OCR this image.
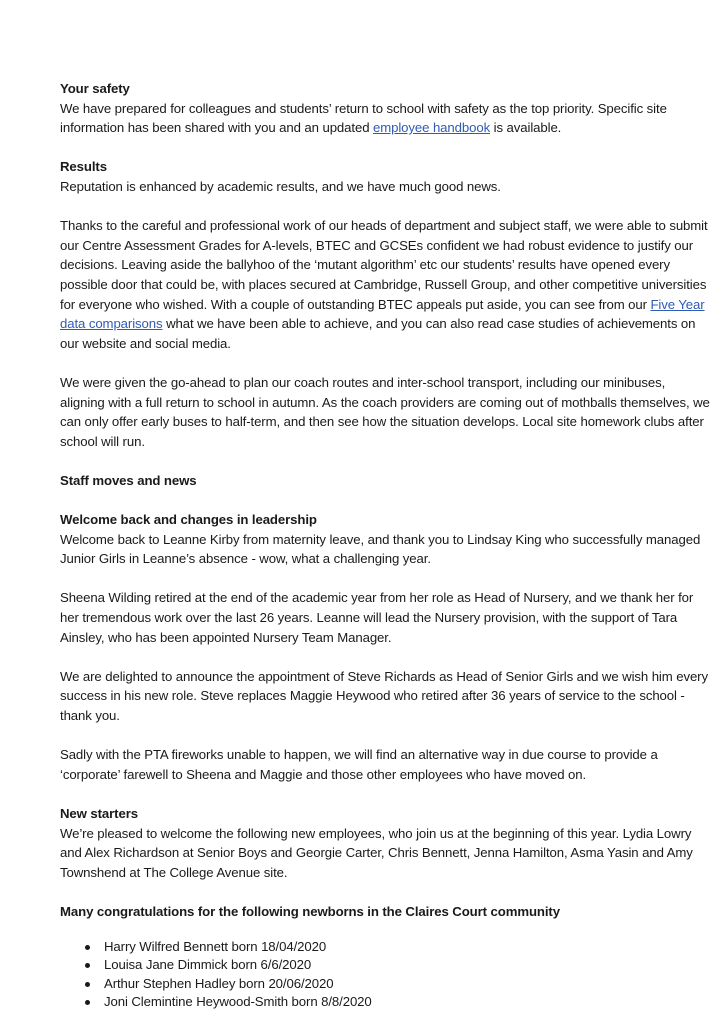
Your safety

We have prepared for colleagues and students’ return to school with safety as the top priority. Specific site information has been shared with you and an updated employee handbook is available.

Results

Reputation is enhanced by academic results, and we have much good news.

Thanks to the careful and professional work of our heads of department and subject staff, we were able to submit our Centre Assessment Grades for A-levels, BTEC and GCSEs confident we had robust evidence to justify our decisions. Leaving aside the ballyhoo of the ‘mutant algorithm’ etc our students’ results have opened every possible door that could be, with places secured at Cambridge, Russell Group, and other competitive universities for everyone who wished. With a couple of outstanding BTEC appeals put aside, you can see from our Five Year data comparisons what we have been able to achieve, and you can also read case studies of achievements on our website and social media.

We were given the go-ahead to plan our coach routes and inter-school transport, including our minibuses, aligning with a full return to school in autumn. As the coach providers are coming out of mothballs themselves, we can only offer early buses to half-term, and then see how the situation develops. Local site homework clubs after school will run.

Staff moves and news

Welcome back and changes in leadership

Welcome back to Leanne Kirby from maternity leave, and thank you to Lindsay King who successfully managed Junior Girls in Leanne’s absence - wow, what a challenging year.

Sheena Wilding retired at the end of the academic year from her role as Head of Nursery, and we thank her for her tremendous work over the last 26 years. Leanne will lead the Nursery provision, with the support of Tara Ainsley, who has been appointed Nursery Team Manager.

We are delighted to announce the appointment of Steve Richards as Head of Senior Girls and we wish him every success in his new role. Steve replaces Maggie Heywood who retired after 36 years of service to the school - thank you.

Sadly with the PTA fireworks unable to happen, we will find an alternative way in due course to provide a ‘corporate’ farewell to Sheena and Maggie and those other employees who have moved on.

New starters

We’re pleased to welcome the following new employees, who join us at the beginning of this year. Lydia Lowry and Alex Richardson at Senior Boys and Georgie Carter, Chris Bennett, Jenna Hamilton, Asma Yasin and Amy Townshend at The College Avenue site.

Many congratulations for the following newborns in the Claires Court community

Harry Wilfred Bennett born 18/04/2020
Louisa Jane Dimmick born 6/6/2020
Arthur Stephen Hadley born 20/06/2020
Joni Clemintine Heywood-Smith born 8/8/2020
